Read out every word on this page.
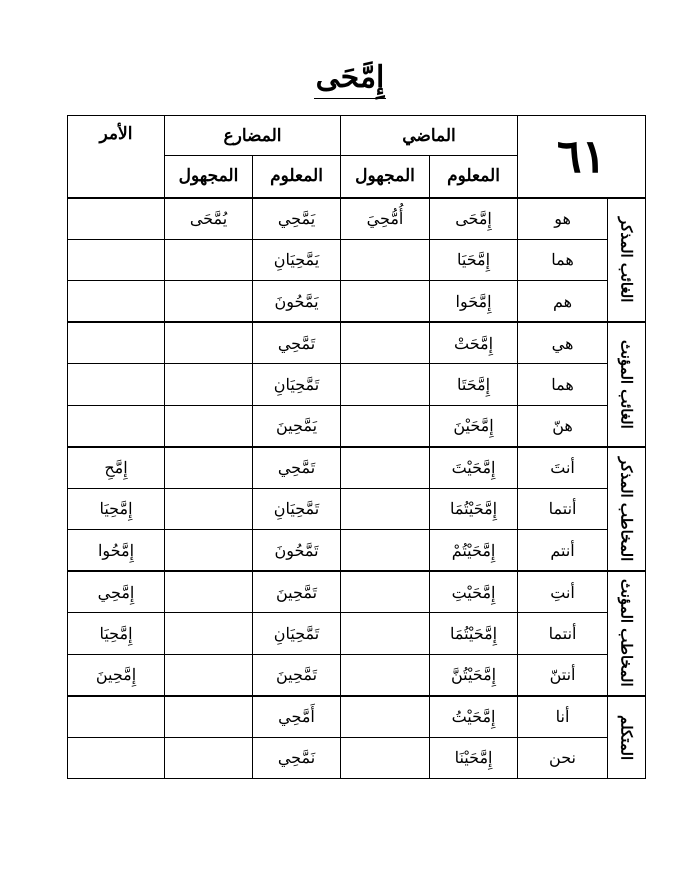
إِمَّحَى
٦١		الماضي		المضارع		الأمر
		المعلوم	المجهول	المعلوم	المجهول	

الغائب المذكر	هو	إِمَّحَى	أُمُّحِيَ	يَمَّحِي	يُمَّحَى	
	هما	إِمَّحَيَا		يَمَّحِيَانِ		
	هم	إِمَّحَوا		يَمَّحُونَ		

الغائب المؤنث	هي	إِمَّحَتْ		تَمَّحِي		
	هما	إِمَّحَتَا		تَمَّحِيَانِ		
	هنّ	إِمَّحَيْنَ		يَمَّحِينَ		

المخاطب المذكر	أنتَ	إِمَّحَيْتَ		تَمَّحِي		إِمَّحِ
	أنتما	إِمَّحَيْتُمَا		تَمَّحِيَانِ		إِمَّحِيَا
	أنتم	إِمَّحَيْتُمْ		تَمَّحُونَ		إِمَّحُوا

المخاطب المؤنث	أنتِ	إِمَّحَيْتِ		تَمَّحِينَ		إِمَّحِي
	أنتما	إِمَّحَيْتُمَا		تَمَّحِيَانِ		إِمَّحِيَا
	أنتنّ	إِمَّحَيْتُنَّ		تَمَّحِينَ		إِمَّحِينَ

المتكلم	أنا	إِمَّحَيْتُ		أَمَّحِي		
	نحن	إِمَّحَيْنَا		نَمَّحِي		
